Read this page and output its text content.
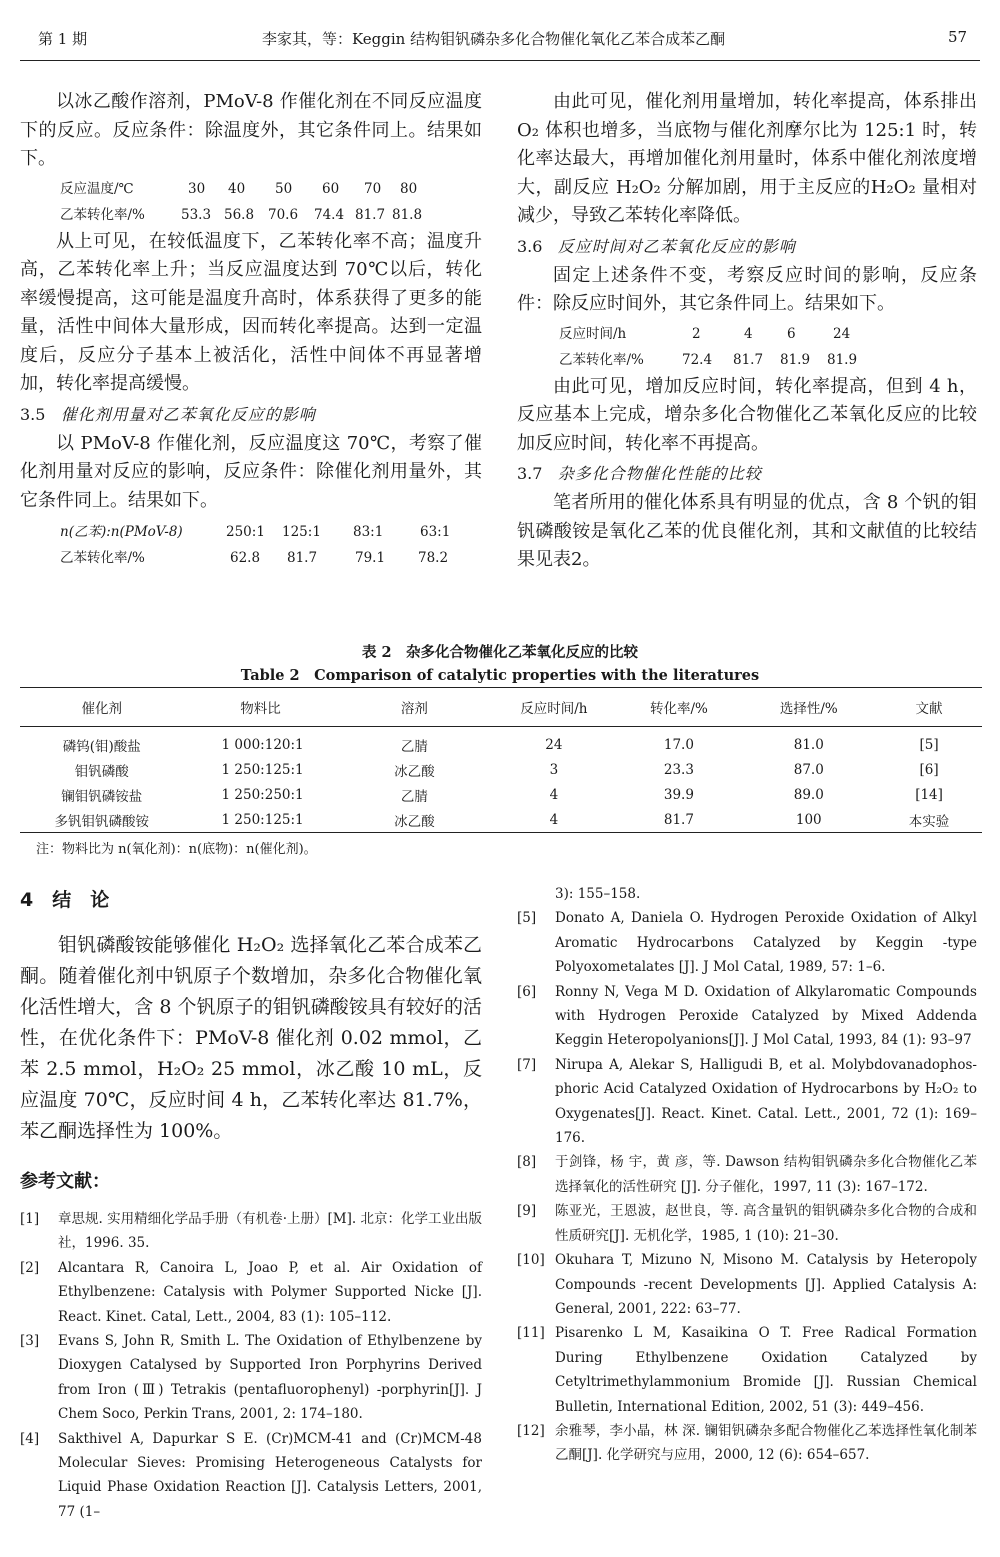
第 1 期	李家其，等：Keggin 结构钼钒磷杂多化合物催化氧化乙苯合成苯乙酮	57

以冰乙酸作溶剂，PMoV-8 作催化剂在不同反应温度下的反应。反应条件：除温度外，其它条件同上。结果如下。

反应温度/℃	30 40 50 60 70 80
乙苯转化率/%	53.3 56.8 70.6 74.4 81.7 81.8

从上可见，在较低温度下，乙苯转化率不高；温度升高，乙苯转化率上升；当反应温度达到 70℃以后，转化率缓慢提高，这可能是温度升高时，体系获得了更多的能量，活性中间体大量形成，因而转化率提高。达到一定温度后，反应分子基本上被活化，活性中间体不再显著增加，转化率提高缓慢。

3.5 催化剂用量对乙苯氧化反应的影响

以 PMoV-8 作催化剂，反应温度这 70℃，考察了催化剂用量对反应的影响，反应条件：除催化剂用量外，其它条件同上。结果如下。

n(乙苯):n(PMoV-8)	250:1 125:1 83:1	63:1
乙苯转化率/%	62.8 81.7	79.1 78.2

由此可见，催化剂用量增加，转化率提高，体系排出 O₂ 体积也增多，当底物与催化剂摩尔比为 125:1 时，转化率达最大，再增加催化剂用量时，体系中催化剂浓度增大，副反应 H₂O₂ 分解加剧，用于主反应的H₂O₂ 量相对减少，导致乙苯转化率降低。

3.6 反应时间对乙苯氧化反应的影响

固定上述条件不变，考察反应时间的影响，反应条件：除反应时间外，其它条件同上。结果如下。

反应时间/h	2	4	6	24
乙苯转化率/%	72.4 81.7 81.9 81.9

由此可见，增加反应时间，转化率提高，但到 4 h，反应基本上完成，增杂多化合物催化乙苯氧化反应的比较加反应时间，转化率不再提高。

3.7 杂多化合物催化性能的比较

笔者所用的催化体系具有明显的优点，含 8 个钒的钼钒磷酸铵是氧化乙苯的优良催化剂，其和文献值的比较结果见表2。

表 2　杂多化合物催化乙苯氧化反应的比较
Table 2　Comparison of catalytic properties with the literatures
催化剂	物料比	溶剂	反应时间/h	转化率/%	选择性/%	文献
磷钨(钼)酸盐	1 000:120:1	乙腈	24	17.0	81.0	[5]
钼钒磷酸	1 250:125:1	冰乙酸	3	23.3	87.0	[6]
镧钼钒磷铵盐	1 250:250:1	乙腈	4	39.9	89.0	[14]
多钒钼钒磷酸铵	1 250:125:1	冰乙酸	4	81.7	100	本实验
注：物料比为 n(氧化剂)：n(底物)：n(催化剂)。
4　结　论

钼钒磷酸铵能够催化 H₂O₂ 选择氧化乙苯合成苯乙酮。随着催化剂中钒原子个数增加，杂多化合物催化氧化活性增大，含 8 个钒原子的钼钒磷酸铵具有较好的活性，在优化条件下：PMoV-8 催化剂 0.02 mmol，乙苯 2.5 mmol，H₂O₂ 25 mmol，冰乙酸 10 mL，反应温度 70℃，反应时间 4 h，乙苯转化率达 81.7%，苯乙酮选择性为 100%。

参考文献：
[1] 章思规. 实用精细化学品手册（有机卷·上册）[M]. 北京：化学工业出版社，1996. 35.
[2] Alcantara R, Canoira L, Joao P, et al. Air Oxidation of Ethylbenzene: Catalysis with Polymer Supported Nicke [J]. React. Kinet. Catal, Lett., 2004, 83 (1): 105–112.
[3] Evans S, John R, Smith L. The Oxidation of Ethylbenzene by Dioxygen Catalysed by Supported Iron Porphyrins Derived from Iron (Ⅲ) Tetrakis (pentafluorophenyl) -porphyrin[J]. J Chem Soco, Perkin Trans, 2001, 2: 174–180.
[4] Sakthivel A, Dapurkar S E. (Cr)MCM-41 and (Cr)MCM-48 Molecular Sieves: Promising Heterogeneous Catalysts for Liquid Phase Oxidation Reaction [J]. Catalysis Letters, 2001, 77 (1–
3): 155–158.
[5] Donato A, Daniela O. Hydrogen Peroxide Oxidation of Alkyl Aromatic Hydrocarbons Catalyzed by Keggin -type Polyoxometalates [J]. J Mol Catal, 1989, 57: 1–6.
[6] Ronny N, Vega M D. Oxidation of Alkylaromatic Compounds with Hydrogen Peroxide Catalyzed by Mixed Addenda Keggin Heteropolyanions[J]. J Mol Catal, 1993, 84 (1): 93–97
[7] Nirupa A, Alekar S, Halligudi B, et al. Molybdovanadophos-phoric Acid Catalyzed Oxidation of Hydrocarbons by H₂O₂ to Oxygenates[J]. React. Kinet. Catal. Lett., 2001, 72 (1): 169–176.
[8] 于剑锋，杨 宇，黄 彦，等. Dawson 结构钼钒磷杂多化合物催化乙苯选择氧化的活性研究 [J]. 分子催化，1997, 11 (3): 167–172.
[9] 陈亚光，王恩波，赵世良，等. 高含量钒的钼钒磷杂多化合物的合成和性质研究[J]. 无机化学，1985, 1 (10): 21–30.
[10] Okuhara T, Mizuno N, Misono M. Catalysis by Heteropoly Compounds -recent Developments [J]. Applied Catalysis A: General, 2001, 222: 63–77.
[11] Pisarenko L M, Kasaikina O T. Free Radical Formation During Ethylbenzene Oxidation Catalyzed by Cetyltrimethylammonium Bromide [J]. Russian Chemical Bulletin, International Edition, 2002, 51 (3): 449–456.
[12] 余雅琴，李小晶，林 深. 镧钼钒磷杂多配合物催化乙苯选择性氧化制苯乙酮[J]. 化学研究与应用，2000, 12 (6): 654–657.
